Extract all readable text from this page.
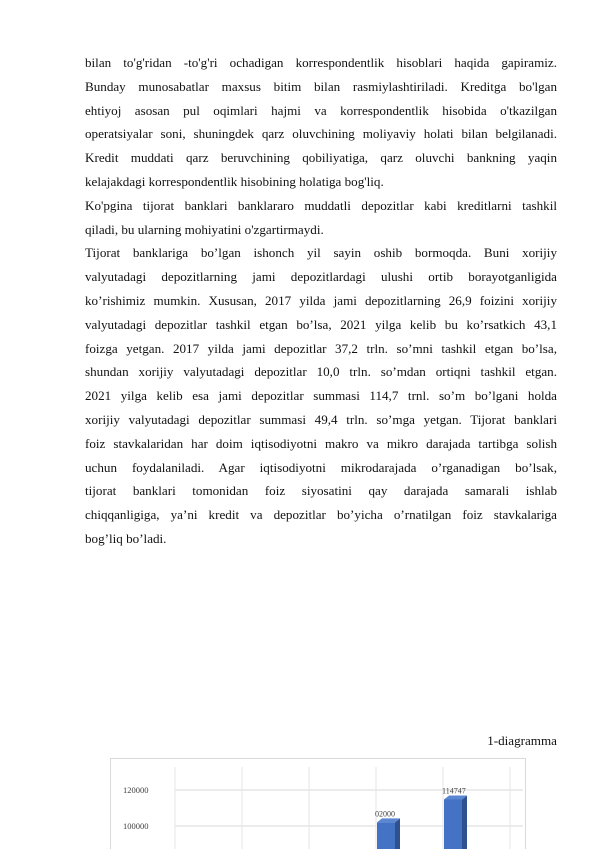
bilan to'g'ridan -to'g'ri ochadigan korrespondentlik hisoblari haqida gapiramiz.
Bunday munosabatlar maxsus bitim bilan rasmiylashtiriladi. Kreditga bo'lgan
ehtiyoj asosan pul oqimlari hajmi va korrespondentlik hisobida o'tkazilgan
operatsiyalar soni, shuningdek qarz oluvchining moliyaviy holati bilan belgilanadi.
Kredit muddati qarz beruvchining qobiliyatiga, qarz oluvchi bankning yaqin
kelajakdagi korrespondentlik hisobining holatiga bog'liq.

Ko'pgina tijorat banklari banklararo muddatli depozitlar kabi kreditlarni tashkil
qiladi, bu ularning mohiyatini o'zgartirmaydi.

Tijorat banklariga bo’lgan ishonch yil sayin oshib bormoqda. Buni xorijiy
valyutadagi depozitlarning jami depozitlardagi ulushi ortib borayotganligida
ko’rishimiz mumkin. Xususan, 2017 yilda jami depozitlarning 26,9 foizini xorijiy
valyutadagi depozitlar tashkil etgan bo’lsa, 2021 yilga kelib bu ko’rsatkich 43,1
foizga yetgan. 2017 yilda jami depozitlar 37,2 trln. so’mni tashkil etgan bo’lsa,
shundan xorijiy valyutadagi depozitlar 10,0 trln. so’mdan ortiqni tashkil etgan.
2021 yilga kelib esa jami depozitlar summasi 114,7 trnl. so’m bo’lgani holda
xorijiy valyutadagi depozitlar summasi 49,4 trln. so’mga yetgan. Tijorat banklari
foiz stavkalaridan har doim iqtisodiyotni makro va mikro darajada tartibga solish
uchun foydalaniladi. Agar iqtisodiyotni mikrodarajada o’rganadigan bo’lsak,
tijorat banklari tomonidan foiz siyosatini qay darajada samarali ishlab
chiqqanligiga, ya’ni kredit va depozitlar bo’yicha o’rnatilgan foiz stavkalariga
bog’liq bo’ladi.

1-diagramma
120000
100000
02000
114747
